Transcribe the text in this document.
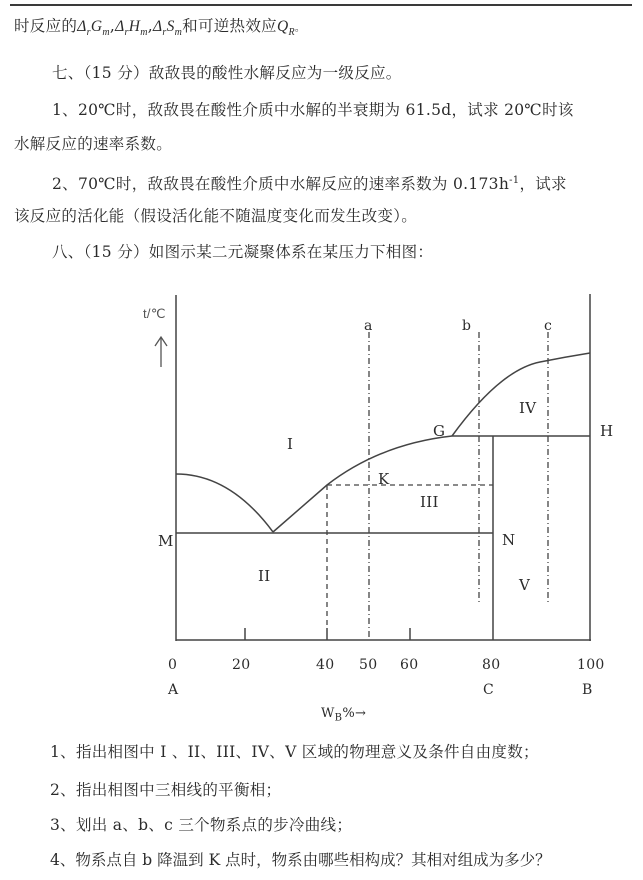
时反应的$\Delta_rG_m,\Delta_rH_m,\Delta_rS_m$和可逆热效应$Q_R$。
七、（15 分）敌敌畏的酸性水解反应为一级反应。
1、20℃时，敌敌畏在酸性介质中水解的半衰期为 61.5d，试求 20℃时该
水解反应的速率系数。
2、70℃时，敌敌畏在酸性介质中水解反应的速率系数为 $0.173h^{-1}$，试求
该反应的活化能（假设活化能不随温度变化而发生改变）。
八、（15 分）如图示某二元凝聚体系在某压力下相图：
t/℃
a	b	c
I
II
III
IV
V
G	H
M	N
K
0	20	40 50 60	80	100
A	C	B
$W_B\%\to$
1、指出相图中 I 、II、III、IV、V 区域的物理意义及条件自由度数；
2、指出相图中三相线的平衡相；
3、划出 a、b、c 三个物系点的步冷曲线；
4、物系点自 b 降温到 K 点时，物系由哪些相构成？其相对组成为多少？
